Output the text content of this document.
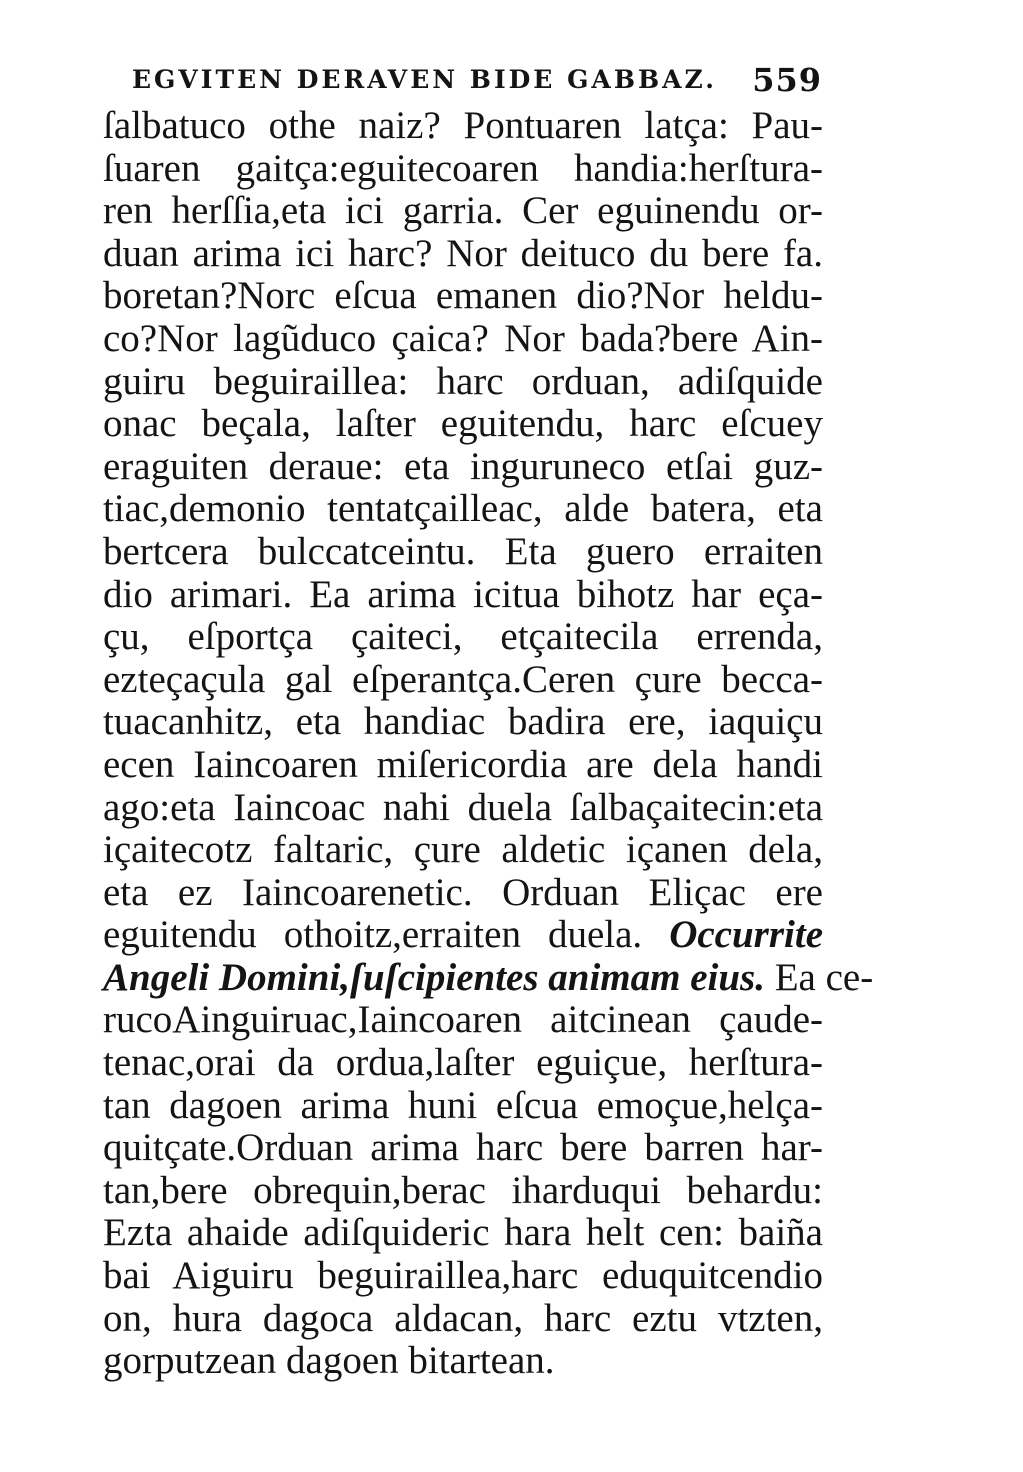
EGVITEN DERAVEN BIDE GABBAZ. 559
ſalbatuco othe naiz? Pontuaren latça: Pau-
ſuaren gaitça:eguitecoaren handia:herſtura-
ren herſſia,eta ici garria. Cer eguinendu or-
duan arima ici harc? Nor deituco du bere fa.
boretan?Norc eſcua emanen dio?Nor heldu-
co?Nor lagũduco çaica? Nor bada?bere Ain-
guiru beguiraillea: harc orduan, adiſquide
onac beçala, laſter eguitendu, harc eſcuey
eraguiten deraue: eta inguruneco etſai guz-
tiac,demonio tentatçailleac, alde batera, eta
bertcera bulccatceintu. Eta guero erraiten
dio arimari. Ea arima icitua bihotz har eça-
çu, eſportça çaiteci, etçaitecila errenda,
ezteçaçula gal eſperantça.Ceren çure becca-
tuacanhitz, eta handiac badira ere, iaquiçu
ecen Iaincoaren miſericordia are dela handi
ago:eta Iaincoac nahi duela ſalbaçaitecin:eta
içaitecotz faltaric, çure aldetic içanen dela,
eta ez Iaincoarenetic. Orduan Eliçac ere
eguitendu othoitz,erraiten duela. Occurrite
Angeli Domini,ſuſcipientes animam eius. Ea ce-
rucoAinguiruac,Iaincoaren aitcinean çaude-
tenac,orai da ordua,laſter eguiçue, herſtura-
tan dagoen arima huni eſcua emoçue,helça-
quitçate.Orduan arima harc bere barren har-
tan,bere obrequin,berac iharduqui behardu:
Ezta ahaide adiſquideric hara helt cen: baiña
bai Aiguiru beguiraillea,harc eduquitcendio
on, hura dagoca aldacan, harc eztu vtzten,
gorputzean dagoen bitartean.
